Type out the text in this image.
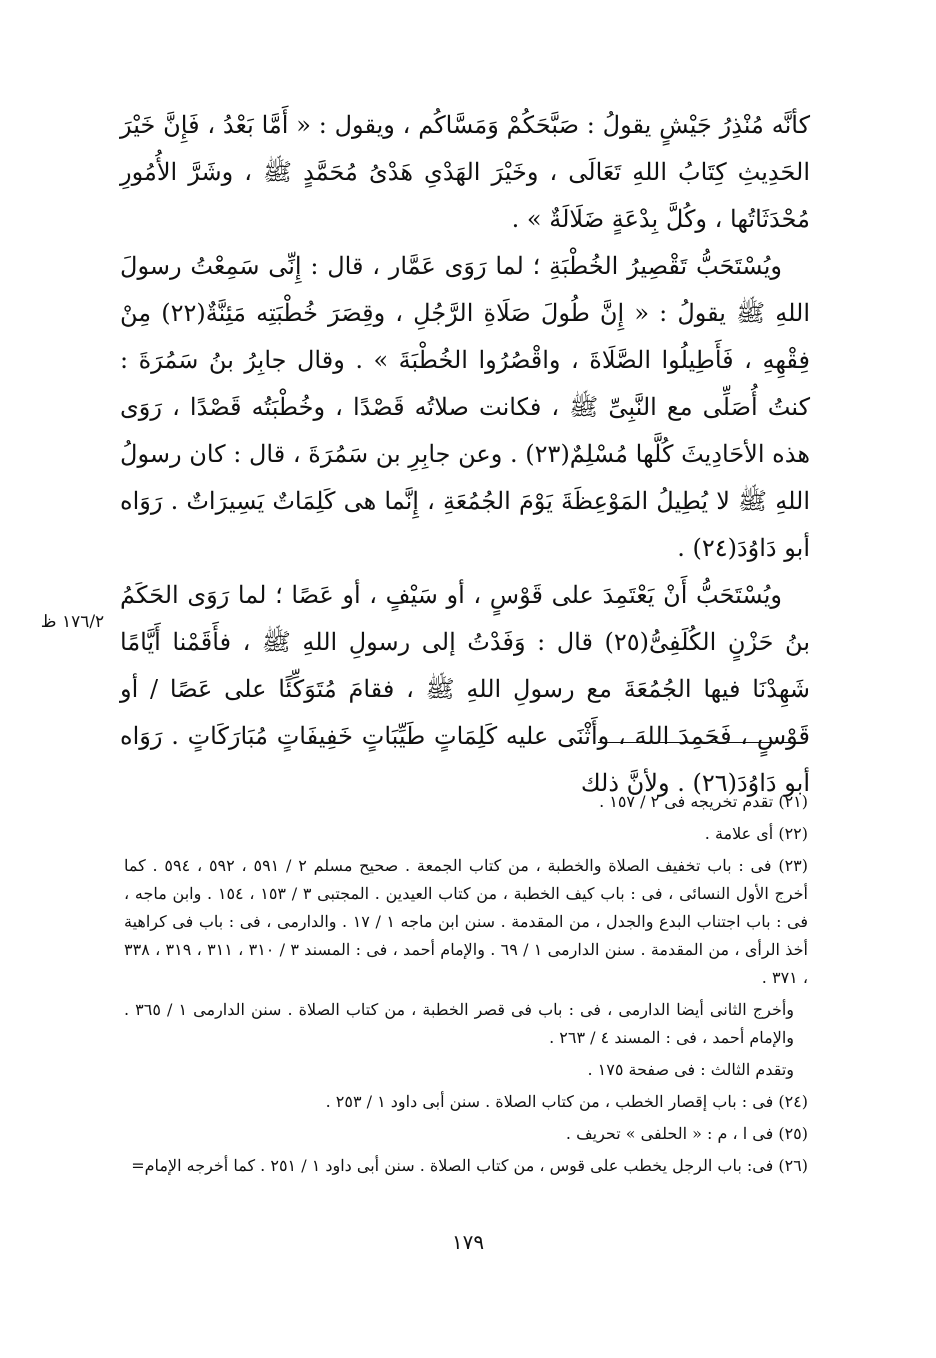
كأنَّه مُنْذِرُ جَيْشٍ يقولُ : صَبَّحَكُمْ وَمَسَّاكُم ، ويقول : « أَمَّا بَعْدُ ، فَإِنَّ خَيْرَ الحَدِيثِ كِتَابُ اللهِ تَعَالَى ، وخَيْرَ الهَدْىِ هَدْىُ مُحَمَّدٍ ﷺ ، وشَرَّ الأُمُورِ مُحْدَثَاتُها ، وكُلَّ بِدْعَةٍ ضَلَالَةٌ » .

ويُسْتَحَبُّ تَقْصِيرُ الخُطْبَةِ ؛ لما رَوَى عَمَّار ، قال : إِنِّى سَمِعْتُ رسولَ اللهِ ﷺ يقولُ : « إِنَّ طُولَ صَلَاةِ الرَّجُلِ ، وقِصَرَ خُطْبَتِه مَئِنَّةٌ(٢٢) مِنْ فِقْهِهِ ، فَأَطِيلُوا الصَّلَاةَ ، واقْصُرُوا الخُطْبَةَ » . وقال جابِرُ بنُ سَمُرَةَ : كنتُ أُصَلِّى مع النَّبِىِّ ﷺ ، فكانت صلاتُه قَصْدًا ، وخُطْبَتُه قَصْدًا ، رَوَى هذه الأحَادِيثَ كُلَّها مُسْلِمٌ(٢٣) . وعن جابِرِ بن سَمُرَةَ ، قال : كان رسولُ اللهِ ﷺ لا يُطِيلُ المَوْعِظَةَ يَوْمَ الجُمُعَةِ ، إِنَّما هى كَلِمَاتٌ يَسِيرَاتٌ . رَوَاه أبو دَاوُدَ(٢٤) .

ويُسْتَحَبُّ أَنْ يَعْتَمِدَ على قَوْسٍ ، أو سَيْفٍ ، أو عَصًا ؛ لما رَوَى الحَكَمُ بنُ حَزْنٍ الكُلَفِىُّ(٢٥) قال : وَفَدْتُ إلى رسولِ اللهِ ﷺ ، فأَقَمْنا أَيَّامًا شَهِدْنَا فيها الجُمُعَةَ مع رسولِ اللهِ ﷺ ، فقامَ مُتَوَكِّئًا على عَصًا / أو قَوْسٍ ، فَحَمِدَ اللهَ ، وأَثْنَى عليه كَلِمَاتٍ طَيِّبَاتٍ خَفِيفَاتٍ مُبَارَكَاتٍ . رَوَاه أبو دَاوُدَ(٢٦) . ولأنَّ ذلك

١٧٦/٢ ظ

(٢١) تقدم تخريجه فى ٢ / ١٥٧ .

(٢٢) أى علامة .

(٢٣) فى : باب تخفيف الصلاة والخطبة ، من كتاب الجمعة . صحيح مسلم ٢ / ٥٩١ ، ٥٩٢ ، ٥٩٤ . كما أخرج الأول النسائى ، فى : باب كيف الخطبة ، من كتاب العيدين . المجتبى ٣ / ١٥٣ ، ١٥٤ . وابن ماجه ، فى : باب اجتناب البدع والجدل ، من المقدمة . سنن ابن ماجه ١ / ١٧ . والدارمى ، فى : باب فى كراهية أخذ الرأى ، من المقدمة . سنن الدارمى ١ / ٦٩ . والإمام أحمد ، فى : المسند ٣ / ٣١٠ ، ٣١١ ، ٣١٩ ، ٣٣٨ ، ٣٧١ .

وأخرج الثانى أيضا الدارمى ، فى : باب فى قصر الخطبة ، من كتاب الصلاة . سنن الدارمى ١ / ٣٦٥ . والإمام أحمد ، فى : المسند ٤ / ٢٦٣ .

وتقدم الثالث : فى صفحة ١٧٥ .

(٢٤) فى : باب إقصار الخطب ، من كتاب الصلاة . سنن أبى داود ١ / ٢٥٣ .

(٢٥) فى ا ، م : « الحلفى » تحريف .

(٢٦) فى: باب الرجل يخطب على قوس ، من كتاب الصلاة . سنن أبى داود ١ / ٢٥١ . كما أخرجه الإمام=

١٧٩
